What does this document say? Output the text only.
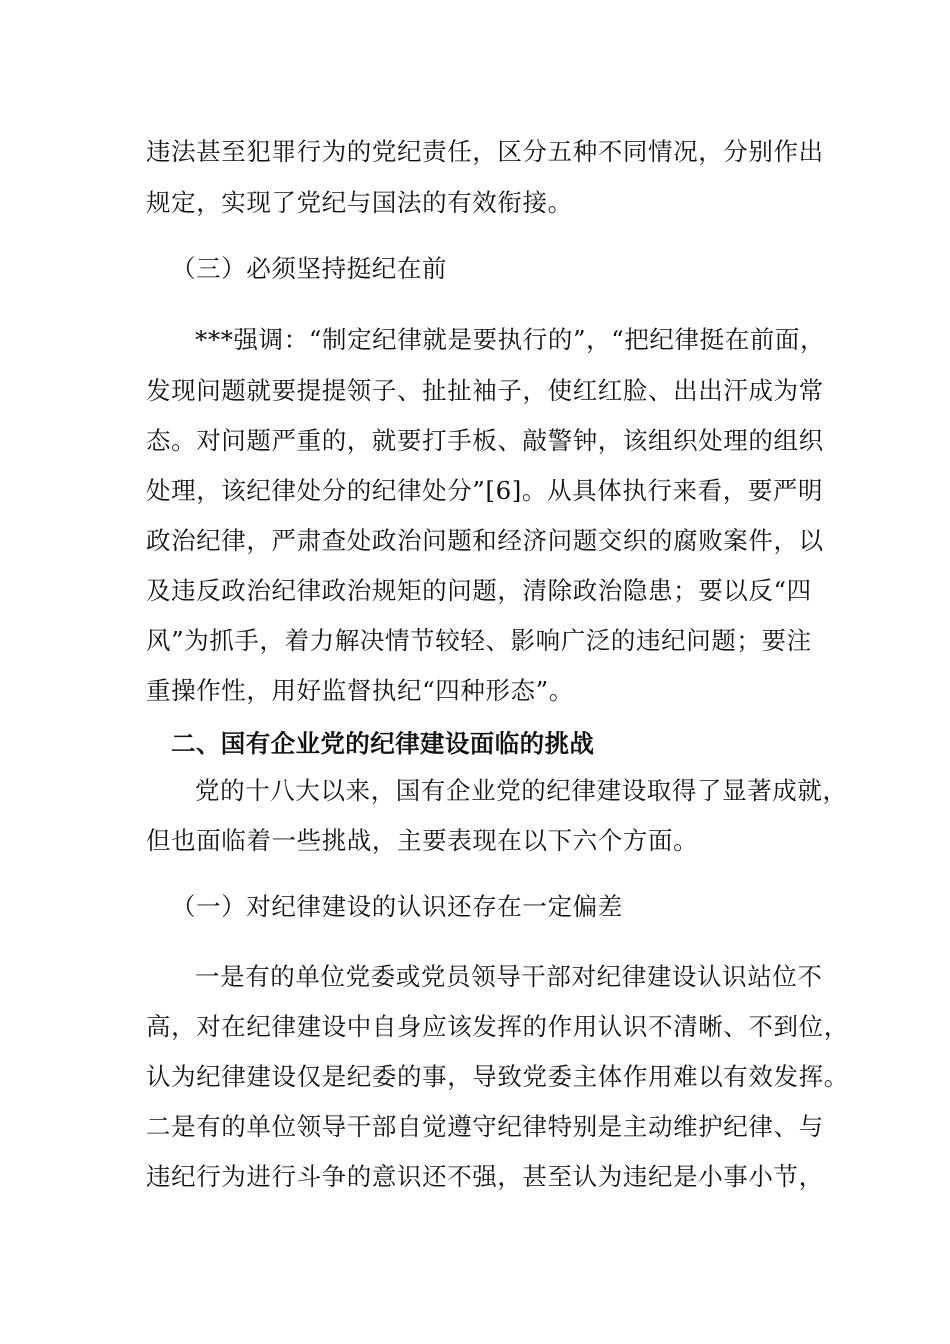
违法甚至犯罪行为的党纪责任，区分五种不同情况，分别作出
规定，实现了党纪与国法的有效衔接。
（三）必须坚持挺纪在前
***强调：“制定纪律就是要执行的”，“把纪律挺在前面，
发现问题就要提提领子、扯扯袖子，使红红脸、出出汗成为常
态。对问题严重的，就要打手板、敲警钟，该组织处理的组织
处理，该纪律处分的纪律处分”[6]。从具体执行来看，要严明
政治纪律，严肃查处政治问题和经济问题交织的腐败案件，以
及违反政治纪律政治规矩的问题，清除政治隐患；要以反“四
风”为抓手，着力解决情节较轻、影响广泛的违纪问题；要注
重操作性，用好监督执纪“四种形态”。
二、国有企业党的纪律建设面临的挑战
党的十八大以来，国有企业党的纪律建设取得了显著成就，
但也面临着一些挑战，主要表现在以下六个方面。
（一）对纪律建设的认识还存在一定偏差
一是有的单位党委或党员领导干部对纪律建设认识站位不
高，对在纪律建设中自身应该发挥的作用认识不清晰、不到位，
认为纪律建设仅是纪委的事，导致党委主体作用难以有效发挥。
二是有的单位领导干部自觉遵守纪律特别是主动维护纪律、与
违纪行为进行斗争的意识还不强，甚至认为违纪是小事小节，
